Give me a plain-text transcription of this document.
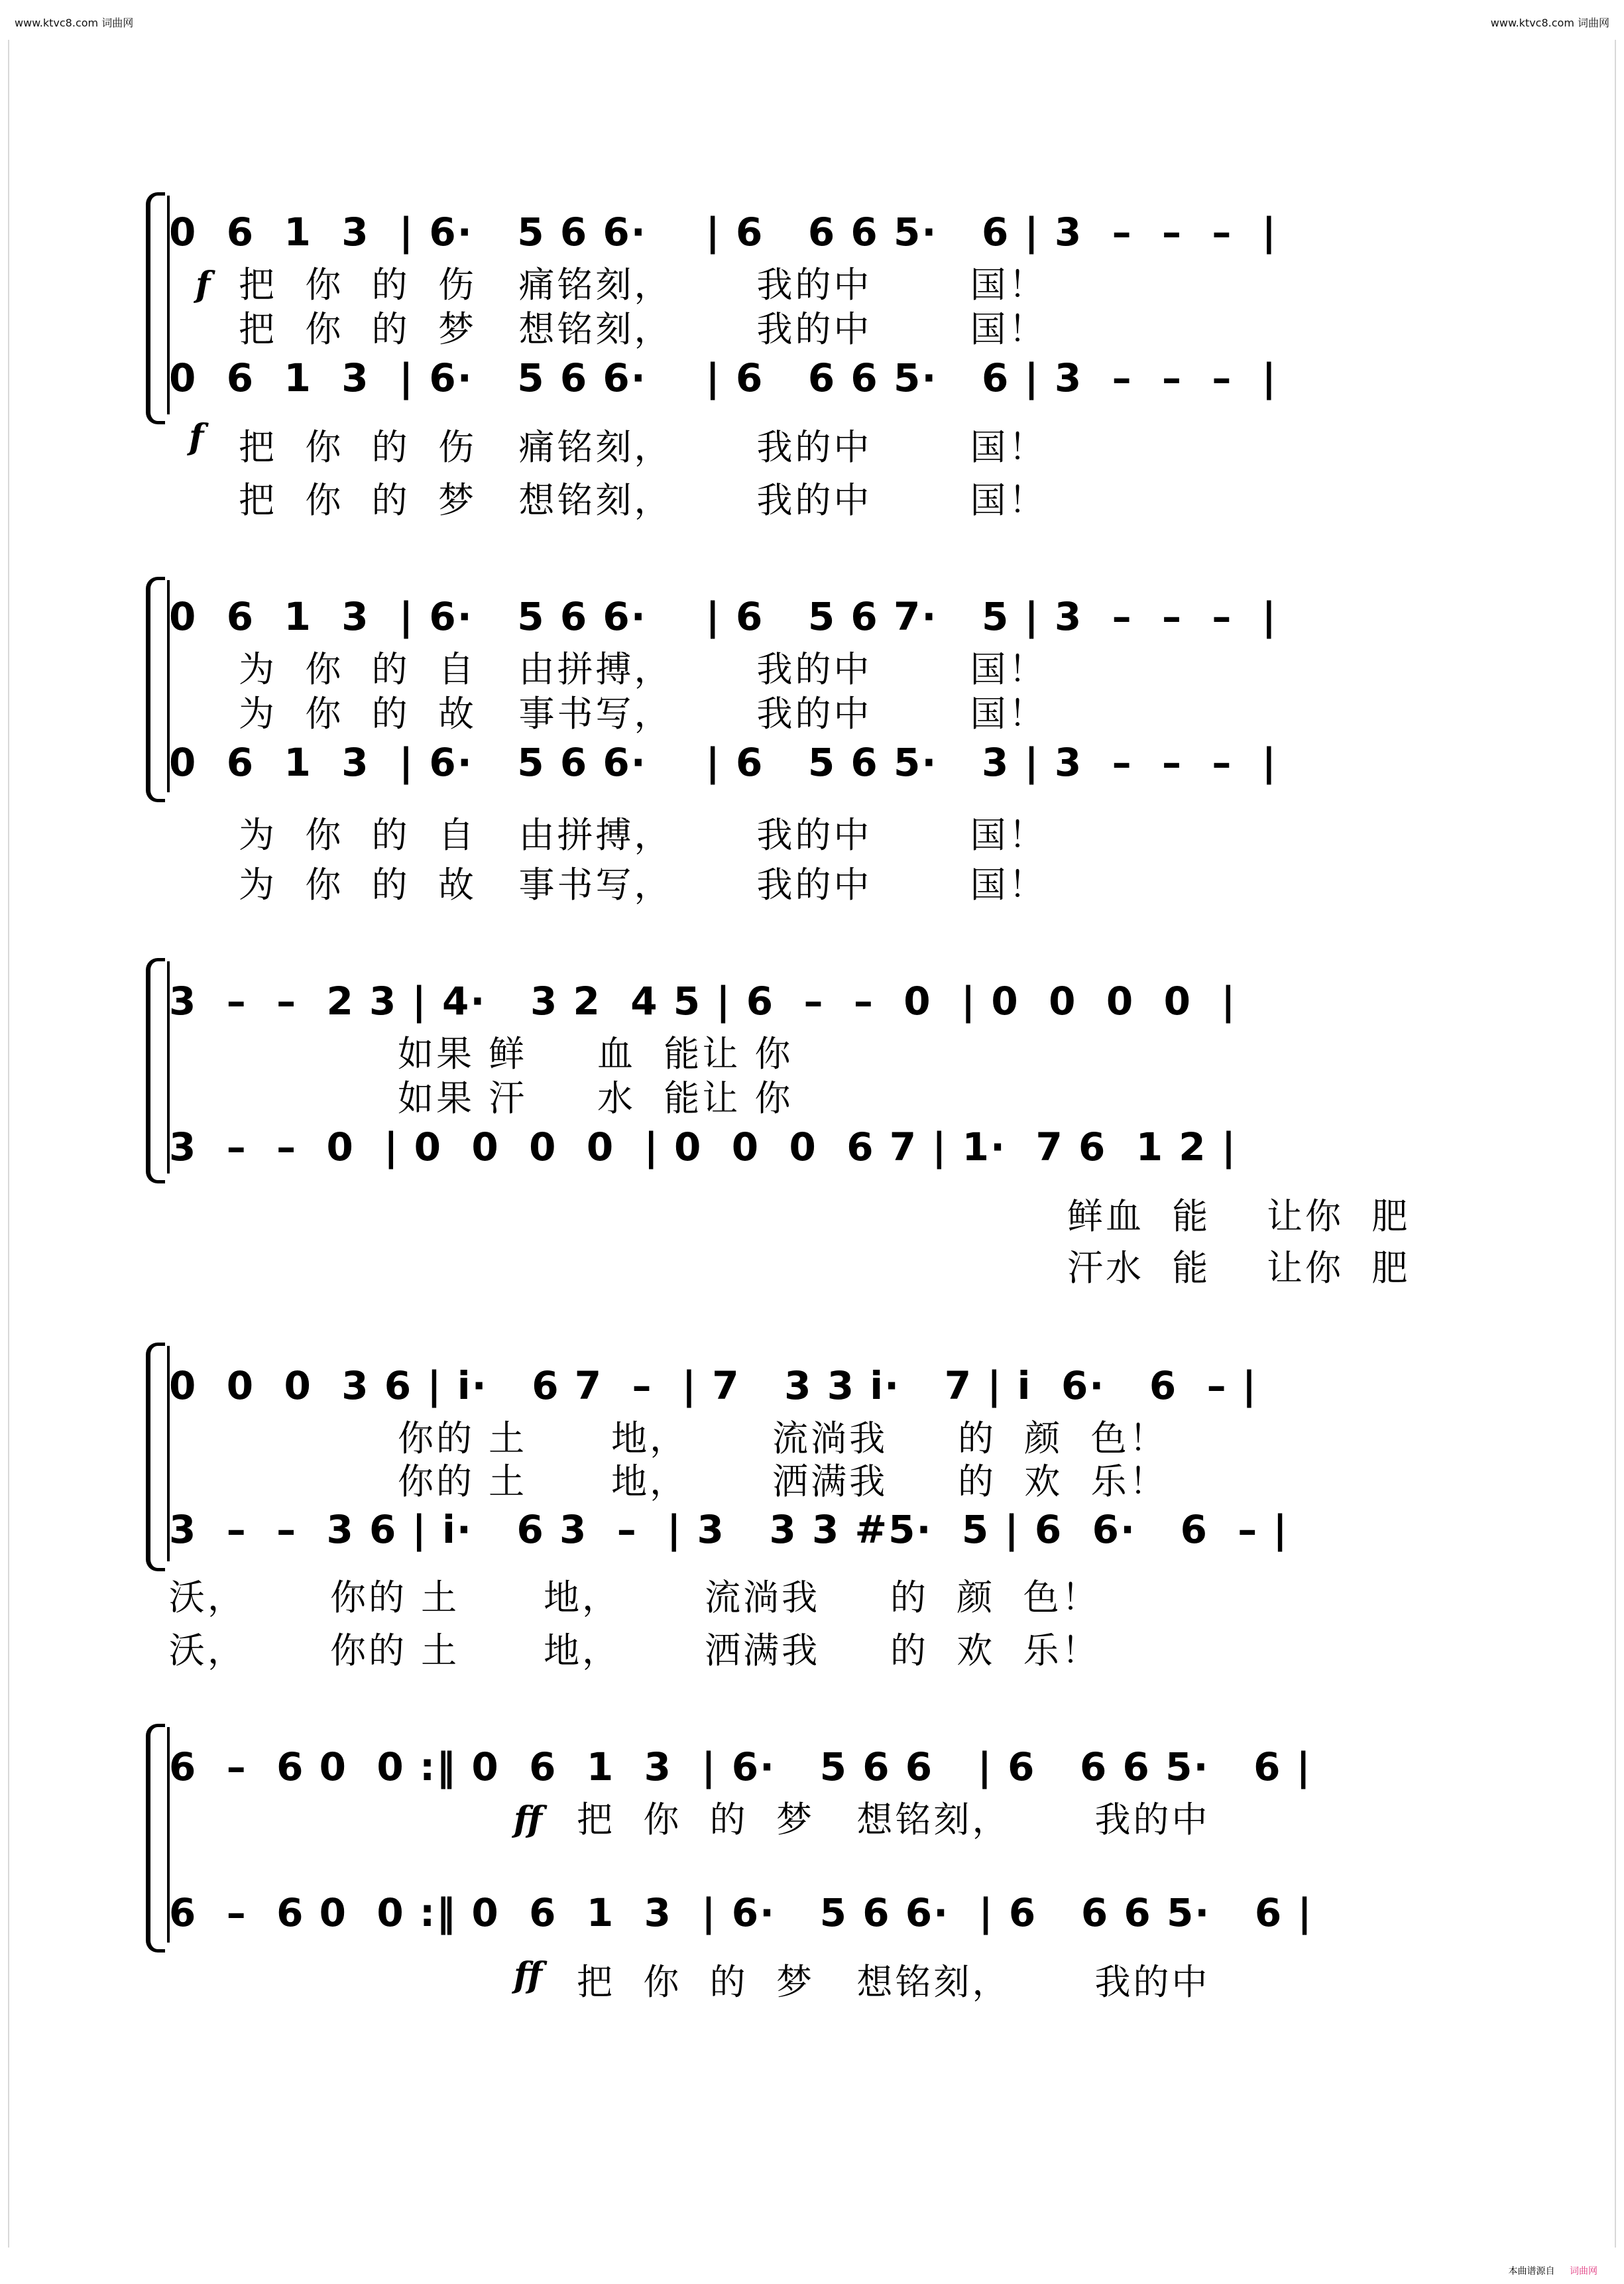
www.ktvc8.com 词曲网	www.ktvc8.com 词曲网
0  6  1  3  | 6·   5 6 6·    | 6   6 6 5·   6 | 3  –  –  –  |
f 把  你  的  伤   痛铭刻，      我的中       国！
把  你  的  梦   想铭刻，      我的中       国！
0  6  1  3  | 6·   5 6 6·    | 6   6 6 5·   6 | 3  –  –  –  |
f 把  你  的  伤   痛铭刻，      我的中       国！
把  你  的  梦   想铭刻，      我的中       国！
0  6  1  3  | 6·   5 6 6·    | 6   5 6 7·   5 | 3  –  –  –  |
为  你  的  自   由拼搏，      我的中       国！
为  你  的  故   事书写，      我的中       国！
0  6  1  3  | 6·   5 6 6·    | 6   5 6 5·   3 | 3  –  –  –  |
为  你  的  自   由拼搏，      我的中       国！
为  你  的  故   事书写，      我的中       国！
3  –  –  2 3 | 4·   3 2  4 5 | 6  –  –  0  | 0  0  0  0  |
如果 鲜     血  能让 你
如果 汗     水  能让 你
3  –  –  0  | 0  0  0  0  | 0  0  0  6 7 | 1·  7 6  1 2 |
鲜血  能    让你  肥
汗水  能    让你  肥
0  0  0  3 6 | i·   6 7  –  | 7   3 3 i·   7 | i  6·   6  – |
你的 土      地，      流淌我     的  颜  色！
你的 土      地，      洒满我     的  欢  乐！
3  –  –  3 6 | i·   6 3  –  | 3   3 3 #5·  5 | 6  6·   6  – |
沃，      你的 土      地，      流淌我     的  颜  色！
沃，      你的 土      地，      洒满我     的  欢  乐！
6  –  6 0  0 :‖ 0  6  1  3  | 6·   5 6 6   | 6   6 6 5·   6 |
ff 把  你  的  梦   想铭刻，      我的中
6  –  6 0  0 :‖ 0  6  1  3  | 6·   5 6 6·  | 6   6 6 5·   6 |
ff 把  你  的  梦   想铭刻，      我的中
本曲谱源自 词曲网
